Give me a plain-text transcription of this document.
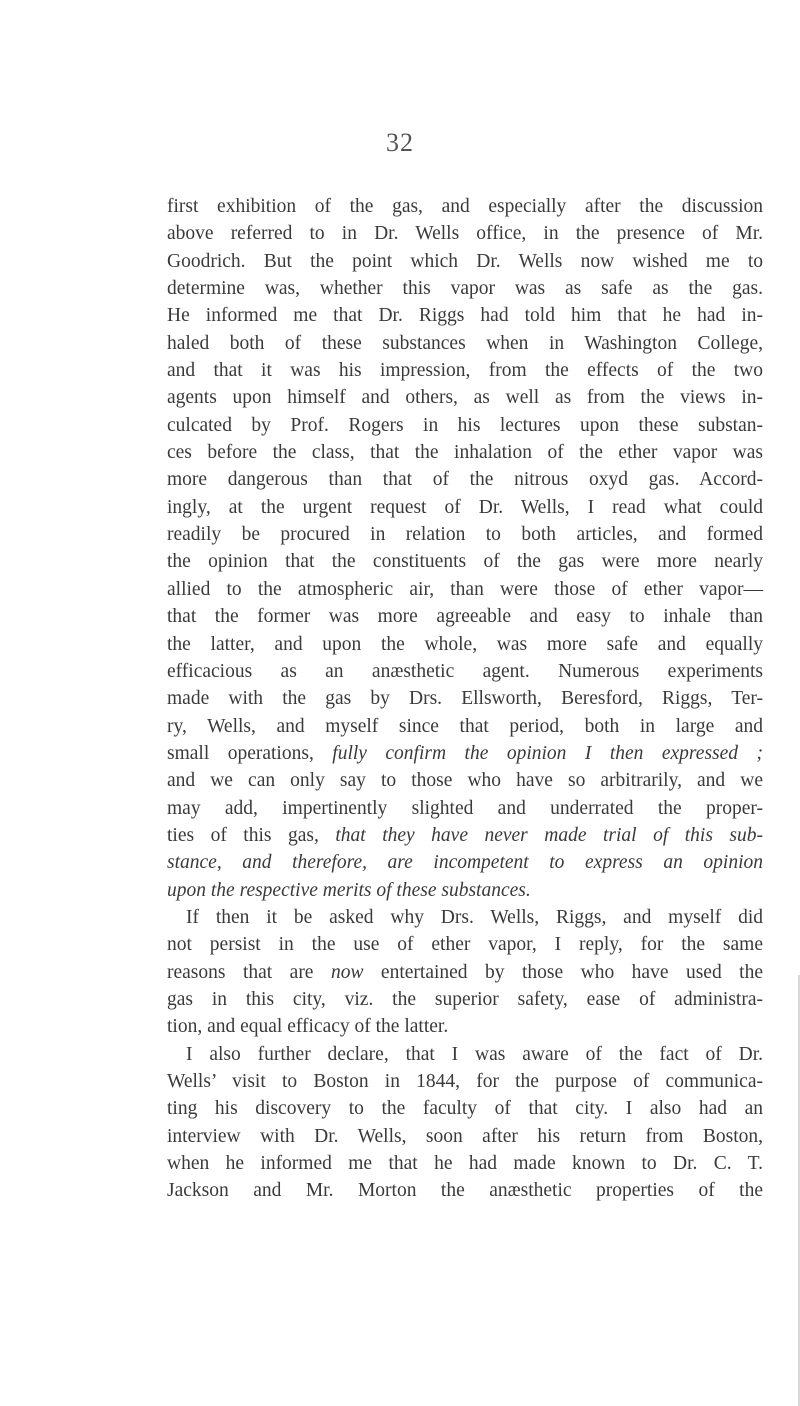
32
first exhibition of the gas, and especially after the discussion
above referred to in Dr. Wells office, in the presence of Mr.
Goodrich. But the point which Dr. Wells now wished me to
determine was, whether this vapor was as safe as the gas.
He informed me that Dr. Riggs had told him that he had in-
haled both of these substances when in Washington College,
and that it was his impression, from the effects of the two
agents upon himself and others, as well as from the views in-
culcated by Prof. Rogers in his lectures upon these substan-
ces before the class, that the inhalation of the ether vapor was
more dangerous than that of the nitrous oxyd gas. Accord-
ingly, at the urgent request of Dr. Wells, I read what could
readily be procured in relation to both articles, and formed
the opinion that the constituents of the gas were more nearly
allied to the atmospheric air, than were those of ether vapor—
that the former was more agreeable and easy to inhale than
the latter, and upon the whole, was more safe and equally
efficacious as an anæsthetic agent. Numerous experiments
made with the gas by Drs. Ellsworth, Beresford, Riggs, Ter-
ry, Wells, and myself since that period, both in large and
small operations, fully confirm the opinion I then expressed ;
and we can only say to those who have so arbitrarily, and we
may add, impertinently slighted and underrated the proper-
ties of this gas, that they have never made trial of this sub-
stance, and therefore, are incompetent to express an opinion
upon the respective merits of these substances.
If then it be asked why Drs. Wells, Riggs, and myself did
not persist in the use of ether vapor, I reply, for the same
reasons that are now entertained by those who have used the
gas in this city, viz. the superior safety, ease of administra-
tion, and equal efficacy of the latter.
I also further declare, that I was aware of the fact of Dr.
Wells’ visit to Boston in 1844, for the purpose of communica-
ting his discovery to the faculty of that city. I also had an
interview with Dr. Wells, soon after his return from Boston,
when he informed me that he had made known to Dr. C. T.
Jackson and Mr. Morton the anæsthetic properties of the
